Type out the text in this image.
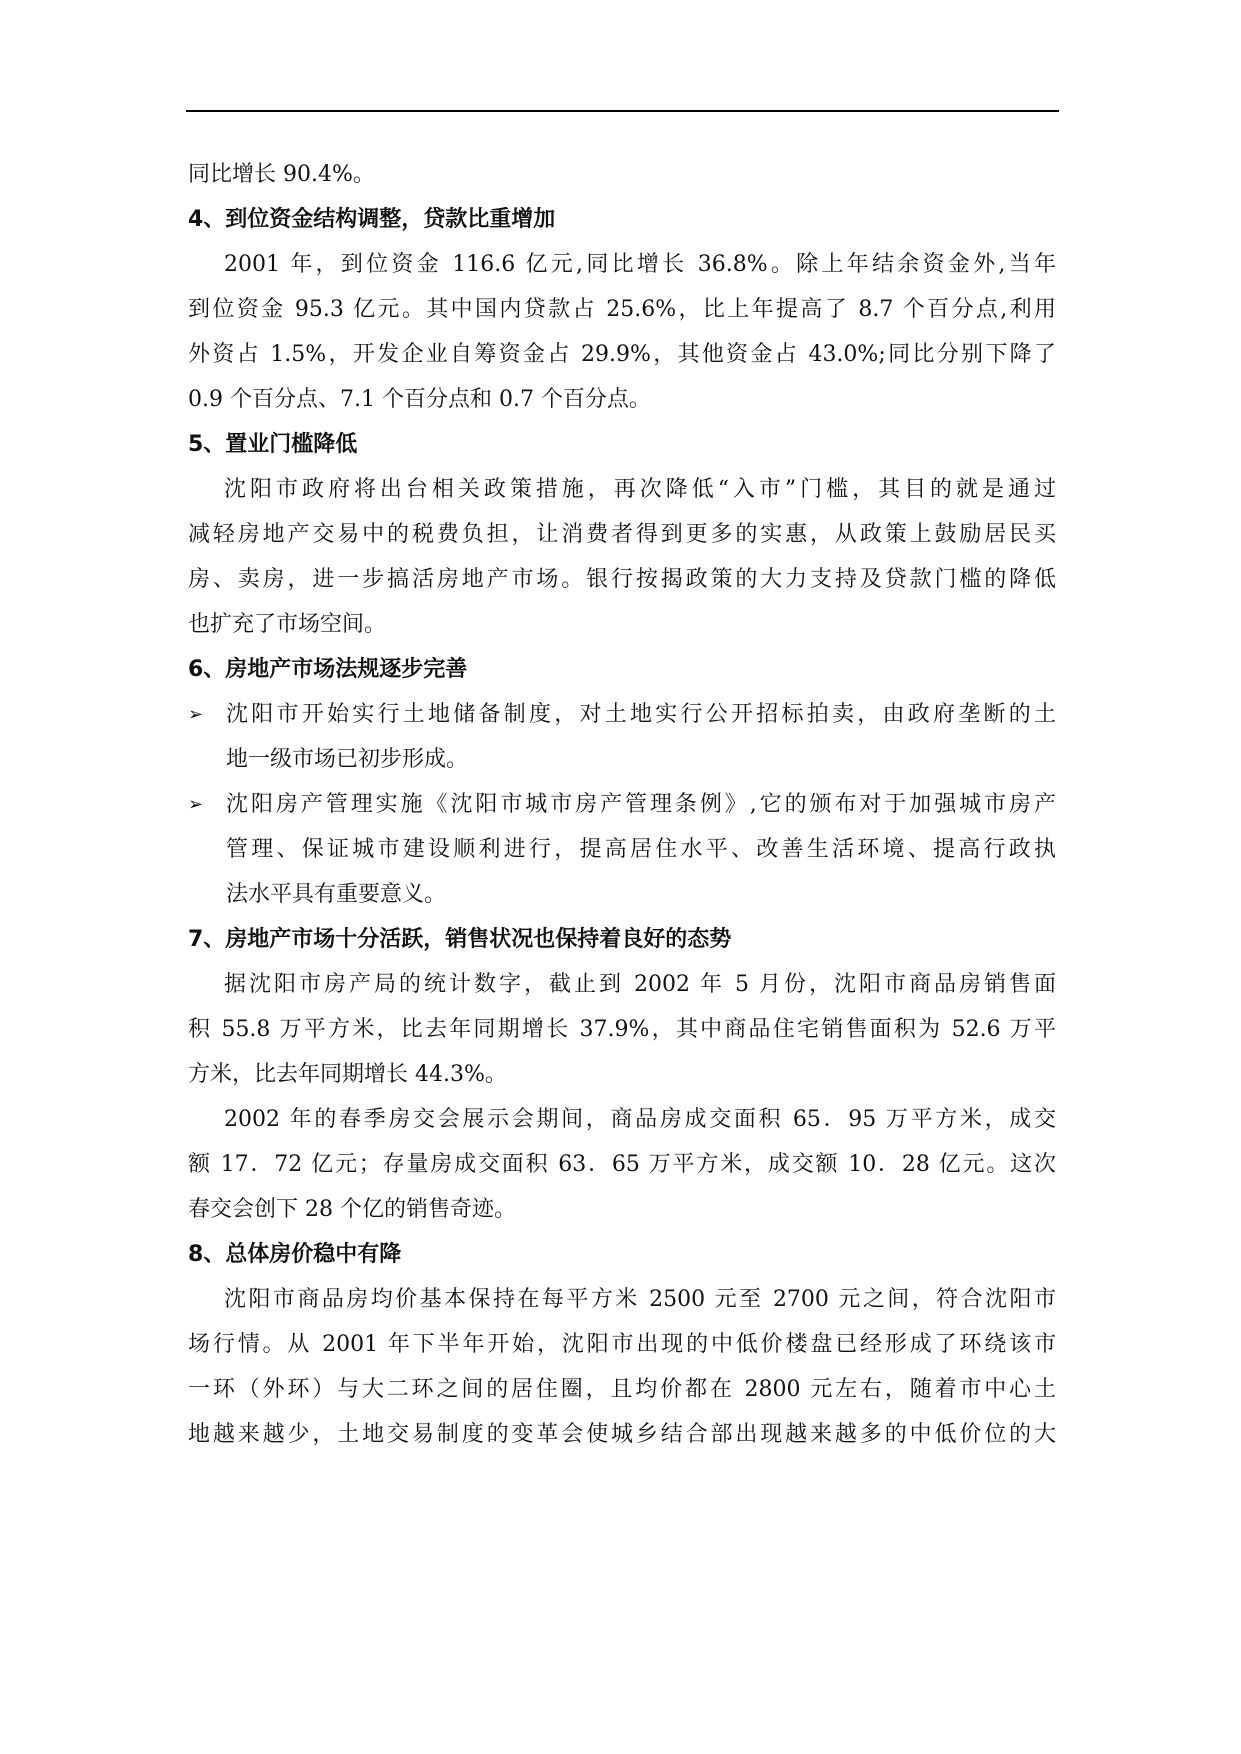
同比增长 90.4%。
4、到位资金结构调整，贷款比重增加
2001 年，到位资金 116.6 亿元,同比增长 36.8%。除上年结余资金外,当年
到位资金 95.3 亿元。其中国内贷款占 25.6%，比上年提高了 8.7 个百分点,利用
外资占 1.5%，开发企业自筹资金占 29.9%，其他资金占 43.0%;同比分别下降了
0.9 个百分点、7.1 个百分点和 0.7 个百分点。
5、置业门槛降低
沈阳市政府将出台相关政策措施，再次降低“入市”门槛，其目的就是通过
减轻房地产交易中的税费负担，让消费者得到更多的实惠，从政策上鼓励居民买
房、卖房，进一步搞活房地产市场。银行按揭政策的大力支持及贷款门槛的降低
也扩充了市场空间。
6、房地产市场法规逐步完善
➢	沈阳市开始实行土地储备制度，对土地实行公开招标拍卖，由政府垄断的土
地一级市场已初步形成。
➢	沈阳房产管理实施《沈阳市城市房产管理条例》,它的颁布对于加强城市房产
管理、保证城市建设顺利进行，提高居住水平、改善生活环境、提高行政执
法水平具有重要意义。
7、房地产市场十分活跃，销售状况也保持着良好的态势
据沈阳市房产局的统计数字，截止到 2002 年 5 月份，沈阳市商品房销售面
积 55.8 万平方米，比去年同期增长 37.9%，其中商品住宅销售面积为 52.6 万平
方米，比去年同期增长 44.3%。
2002 年的春季房交会展示会期间，商品房成交面积 65．95 万平方米，成交
额 17．72 亿元；存量房成交面积 63．65 万平方米，成交额 10．28 亿元。这次
春交会创下 28 个亿的销售奇迹。
8、总体房价稳中有降
沈阳市商品房均价基本保持在每平方米 2500 元至 2700 元之间，符合沈阳市
场行情。从 2001 年下半年开始，沈阳市出现的中低价楼盘已经形成了环绕该市
一环（外环）与大二环之间的居住圈，且均价都在 2800 元左右，随着市中心土
地越来越少，土地交易制度的变革会使城乡结合部出现越来越多的中低价位的大
